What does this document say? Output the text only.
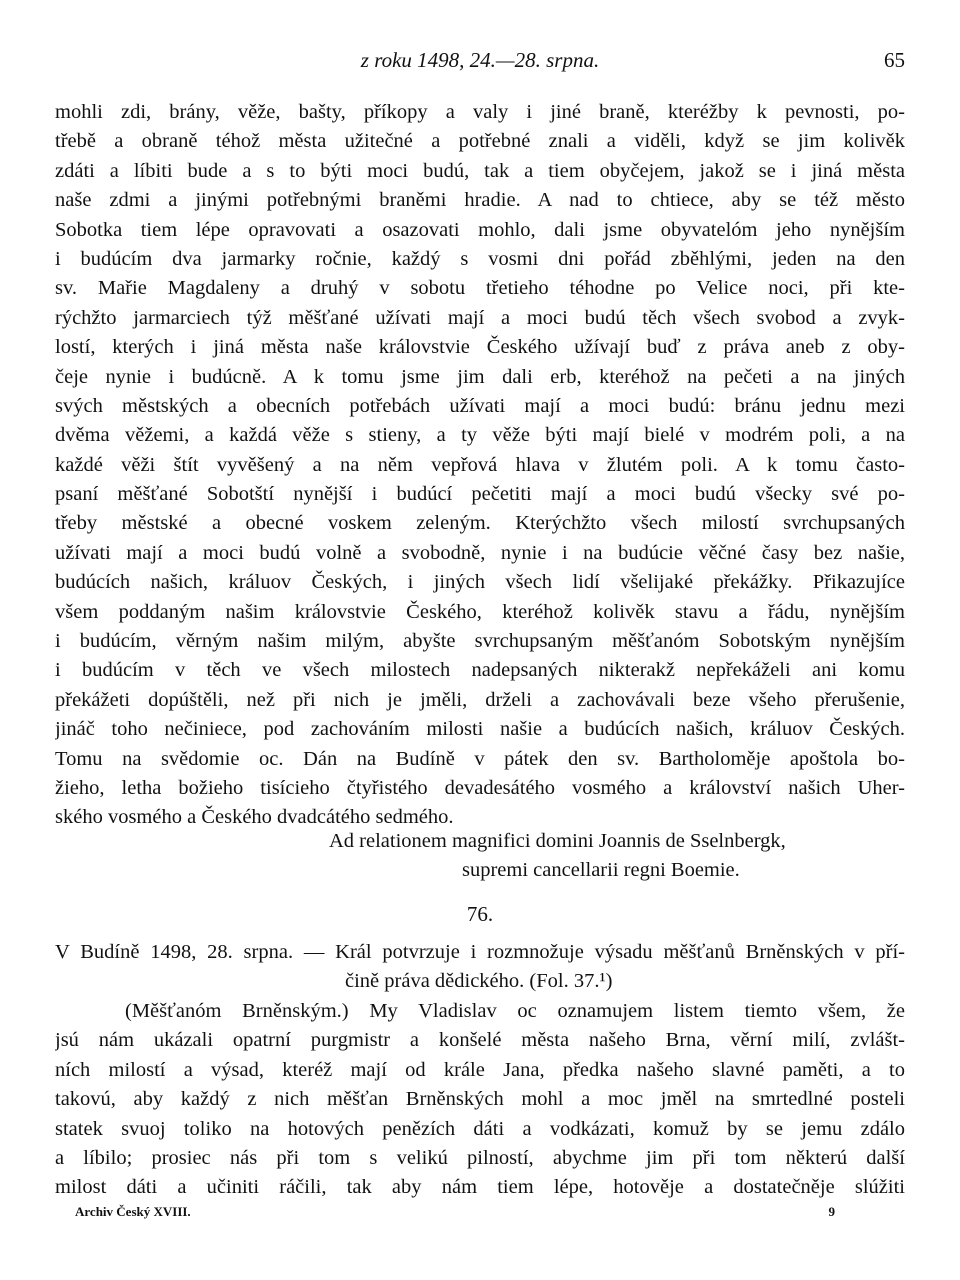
z roku 1498, 24.—28. srpna.	65
mohli zdi, brány, věže, bašty, příkopy a valy i jiné braně, kteréžby k pevnosti, po-
třebě a obraně téhož města užitečné a potřebné znali a viděli, když se jim kolivěk
zdáti a líbiti bude a s to býti moci budú, tak a tiem obyčejem, jakož se i jiná města
naše zdmi a jinými potřebnými braněmi hradie. A nad to chtiece, aby se též město
Sobotka tiem lépe opravovati a osazovati mohlo, dali jsme obyvatelóm jeho nynějším
i budúcím dva jarmarky ročnie, každý s vosmi dni pořád zběhlými, jeden na den
sv. Mařie Magdaleny a druhý v sobotu třetieho téhodne po Velice noci, při kte-
rýchžto jarmarciech týž měšťané užívati mají a moci budú těch všech svobod a zvyk-
lostí, kterých i jiná města naše královstvie Českého užívají buď z práva aneb z oby-
čeje nynie i budúcně. A k tomu jsme jim dali erb, kteréhož na pečeti a na jiných
svých městských a obecních potřebách užívati mají a moci budú: bránu jednu mezi
dvěma věžemi, a každá věže s stieny, a ty věže býti mají bielé v modrém poli, a na
každé věži štít vyvěšený a na něm vepřová hlava v žlutém poli. A k tomu často-
psaní měšťané Sobotští nynější i budúcí pečetiti mají a moci budú všecky své po-
třeby městské a obecné voskem zeleným. Kterýchžto všech milostí svrchupsaných
užívati mají a moci budú volně a svobodně, nynie i na budúcie věčné časy bez našie,
budúcích našich, králuov Českých, i jiných všech lidí všelijaké překážky. Přikazujíce
všem poddaným našim královstvie Českého, kteréhož kolivěk stavu a řádu, nynějším
i budúcím, věrným našim milým, abyšte svrchupsaným měšťanóm Sobotským nynějším
i budúcím v těch ve všech milostech nadepsaných nikterakž nepřekáželi ani komu
překážeti dopúštěli, než při nich je jměli, drželi a zachovávali beze všeho přerušenie,
jináč toho nečiniece, pod zachováním milosti našie a budúcích našich, králuov Českých.
Tomu na svědomie oc. Dán na Budíně v pátek den sv. Bartholoměje apoštola bo-
žieho, letha božieho tisícieho čtyřistého devadesátého vosmého a království našich Uher-
ského vosmého a Českého dvadcátého sedmého.
Ad relationem magnifici domini Joannis de Sselnbergk,
supremi cancellarii regni Boemie.
76.
V Budíně 1498, 28. srpna. — Král potvrzuje i rozmnožuje výsadu měšťanů Brněnských v pří-
čině práva dědického. (Fol. 37.¹)
(Měšťanóm Brněnským.) My Vladislav oc oznamujem listem tiemto všem, že
jsú nám ukázali opatrní purgmistr a konšelé města našeho Brna, věrní milí, zvlášt-
ních milostí a výsad, kteréž mají od krále Jana, předka našeho slavné paměti, a to
takovú, aby každý z nich měšťan Brněnských mohl a moc jměl na smrtedlné posteli
statek svuoj toliko na hotových penězích dáti a vodkázati, komuž by se jemu zdálo
a líbilo; prosiec nás při tom s velikú pilností, abychme jim při tom některú další
milost dáti a učiniti ráčili, tak aby nám tiem lépe, hotověje a dostatečněje slúžiti
Archiv Český XVIII.	9
